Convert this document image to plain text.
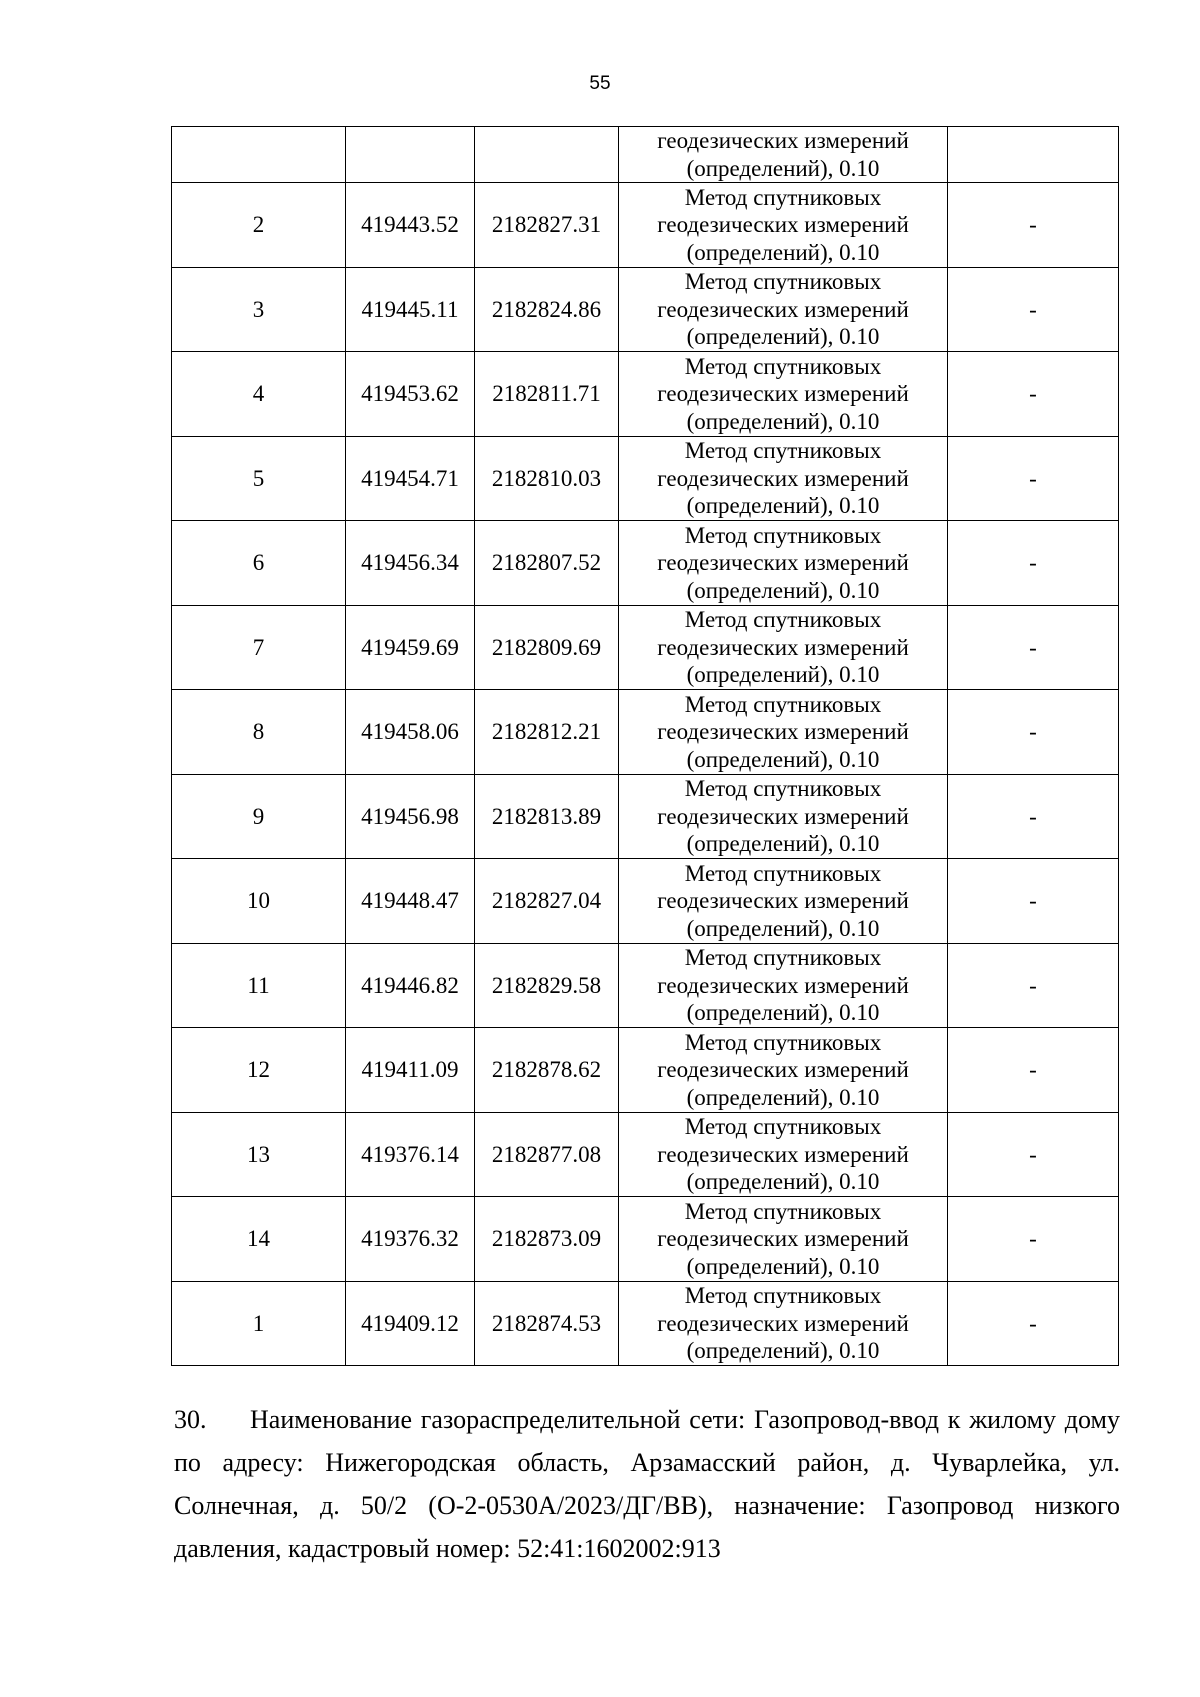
55

			геодезических измерений
(определений), 0.10	

2	419443.52	2182827.31	Метод спутниковых
геодезических измерений
(определений), 0.10	-
3	419445.11	2182824.86	Метод спутниковых
геодезических измерений
(определений), 0.10	-
4	419453.62	2182811.71	Метод спутниковых
геодезических измерений
(определений), 0.10	-
5	419454.71	2182810.03	Метод спутниковых
геодезических измерений
(определений), 0.10	-
6	419456.34	2182807.52	Метод спутниковых
геодезических измерений
(определений), 0.10	-
7	419459.69	2182809.69	Метод спутниковых
геодезических измерений
(определений), 0.10	-
8	419458.06	2182812.21	Метод спутниковых
геодезических измерений
(определений), 0.10	-
9	419456.98	2182813.89	Метод спутниковых
геодезических измерений
(определений), 0.10	-
10	419448.47	2182827.04	Метод спутниковых
геодезических измерений
(определений), 0.10	-
11	419446.82	2182829.58	Метод спутниковых
геодезических измерений
(определений), 0.10	-
12	419411.09	2182878.62	Метод спутниковых
геодезических измерений
(определений), 0.10	-
13	419376.14	2182877.08	Метод спутниковых
геодезических измерений
(определений), 0.10	-
14	419376.32	2182873.09	Метод спутниковых
геодезических измерений
(определений), 0.10	-
1	419409.12	2182874.53	Метод спутниковых
геодезических измерений
(определений), 0.10	-
30. Наименование газораспределительной сети: Газопровод-ввод к жилому дому по адресу: Нижегородская область, Арзамасский район, д. Чуварлейка, ул. Солнечная, д. 50/2 (О-2-0530А/2023/ДГ/ВВ), назначение: Газопровод низкого давления, кадастровый номер: 52:41:1602002:913
